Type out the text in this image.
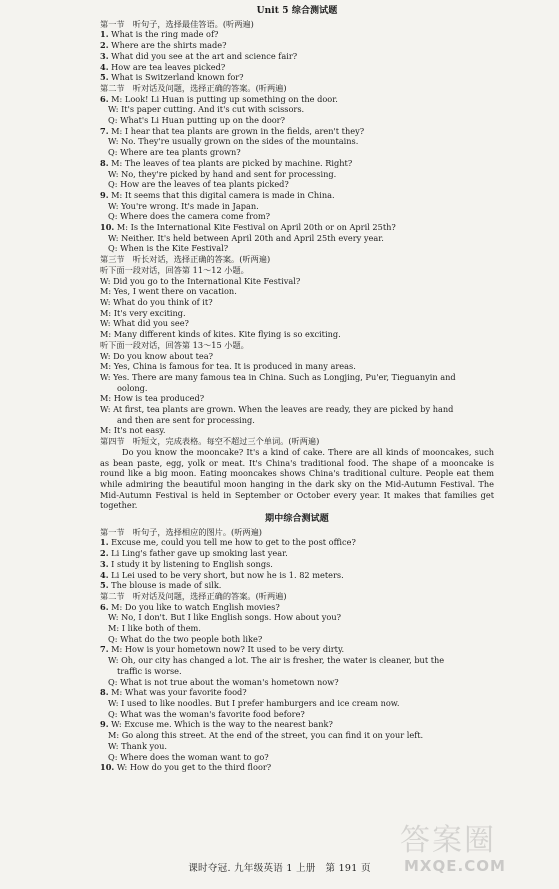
Unit 5 综合测试题
第一节　听句子，选择最佳答语。(听两遍)
1. What is the ring made of?
2. Where are the shirts made?
3. What did you see at the art and science fair?
4. How are tea leaves picked?
5. What is Switzerland known for?
第二节　听对话及问题，选择正确的答案。(听两遍)
6. M: Look! Li Huan is putting up something on the door.
W: It's paper cutting. And it's cut with scissors.
Q: What's Li Huan putting up on the door?
7. M: I hear that tea plants are grown in the fields, aren't they?
W: No. They're usually grown on the sides of the mountains.
Q: Where are tea plants grown?
8. M: The leaves of tea plants are picked by machine. Right?
W: No, they're picked by hand and sent for processing.
Q: How are the leaves of tea plants picked?
9. M: It seems that this digital camera is made in China.
W: You're wrong. It's made in Japan.
Q: Where does the camera come from?
10. M: Is the International Kite Festival on April 20th or on April 25th?
W: Neither. It's held between April 20th and April 25th every year.
Q: When is the Kite Festival?
第三节　听长对话，选择正确的答案。(听两遍)
听下面一段对话，回答第 11～12 小题。
W: Did you go to the International Kite Festival?
M: Yes, I went there on vacation.
W: What do you think of it?
M: It's very exciting.
W: What did you see?
M: Many different kinds of kites. Kite flying is so exciting.
听下面一段对话，回答第 13～15 小题。
W: Do you know about tea?
M: Yes, China is famous for tea. It is produced in many areas.
W: Yes. There are many famous tea in China. Such as Longjing, Pu'er, Tieguanyin and
oolong.
M: How is tea produced?
W: At first, tea plants are grown. When the leaves are ready, they are picked by hand
and then are sent for processing.
M: It's not easy.
第四节　听短文，完成表格。每空不超过三个单词。(听两遍)
Do you know the mooncake? It's a kind of cake. There are all kinds of mooncakes, such as bean paste, egg, yolk or meat. It's China's traditional food. The shape of a mooncake is round like a big moon. Eating mooncakes shows China's traditional culture. People eat them while admiring the beautiful moon hanging in the dark sky on the Mid-Autumn Festival. The Mid-Autumn Festival is held in September or October every year. It makes that families get together.
期中综合测试题
第一节　听句子，选择相应的图片。(听两遍)
1. Excuse me, could you tell me how to get to the post office?
2. Li Ling's father gave up smoking last year.
3. I study it by listening to English songs.
4. Li Lei used to be very short, but now he is 1. 82 meters.
5. The blouse is made of silk.
第二节　听对话及问题，选择正确的答案。(听两遍)
6. M: Do you like to watch English movies?
W: No, I don't. But I like English songs. How about you?
M: I like both of them.
Q: What do the two people both like?
7. M: How is your hometown now? It used to be very dirty.
W: Oh, our city has changed a lot. The air is fresher, the water is cleaner, but the
traffic is worse.
Q: What is not true about the woman's hometown now?
8. M: What was your favorite food?
W: I used to like noodles. But I prefer hamburgers and ice cream now.
Q: What was the woman's favorite food before?
9. W: Excuse me. Which is the way to the nearest bank?
M: Go along this street. At the end of the street, you can find it on your left.
W: Thank you.
Q: Where does the woman want to go?
10. W: How do you get to the third floor?
课时夺冠. 九年级英语 1 上册　第 191 页
答案圈
MXQE.COM
